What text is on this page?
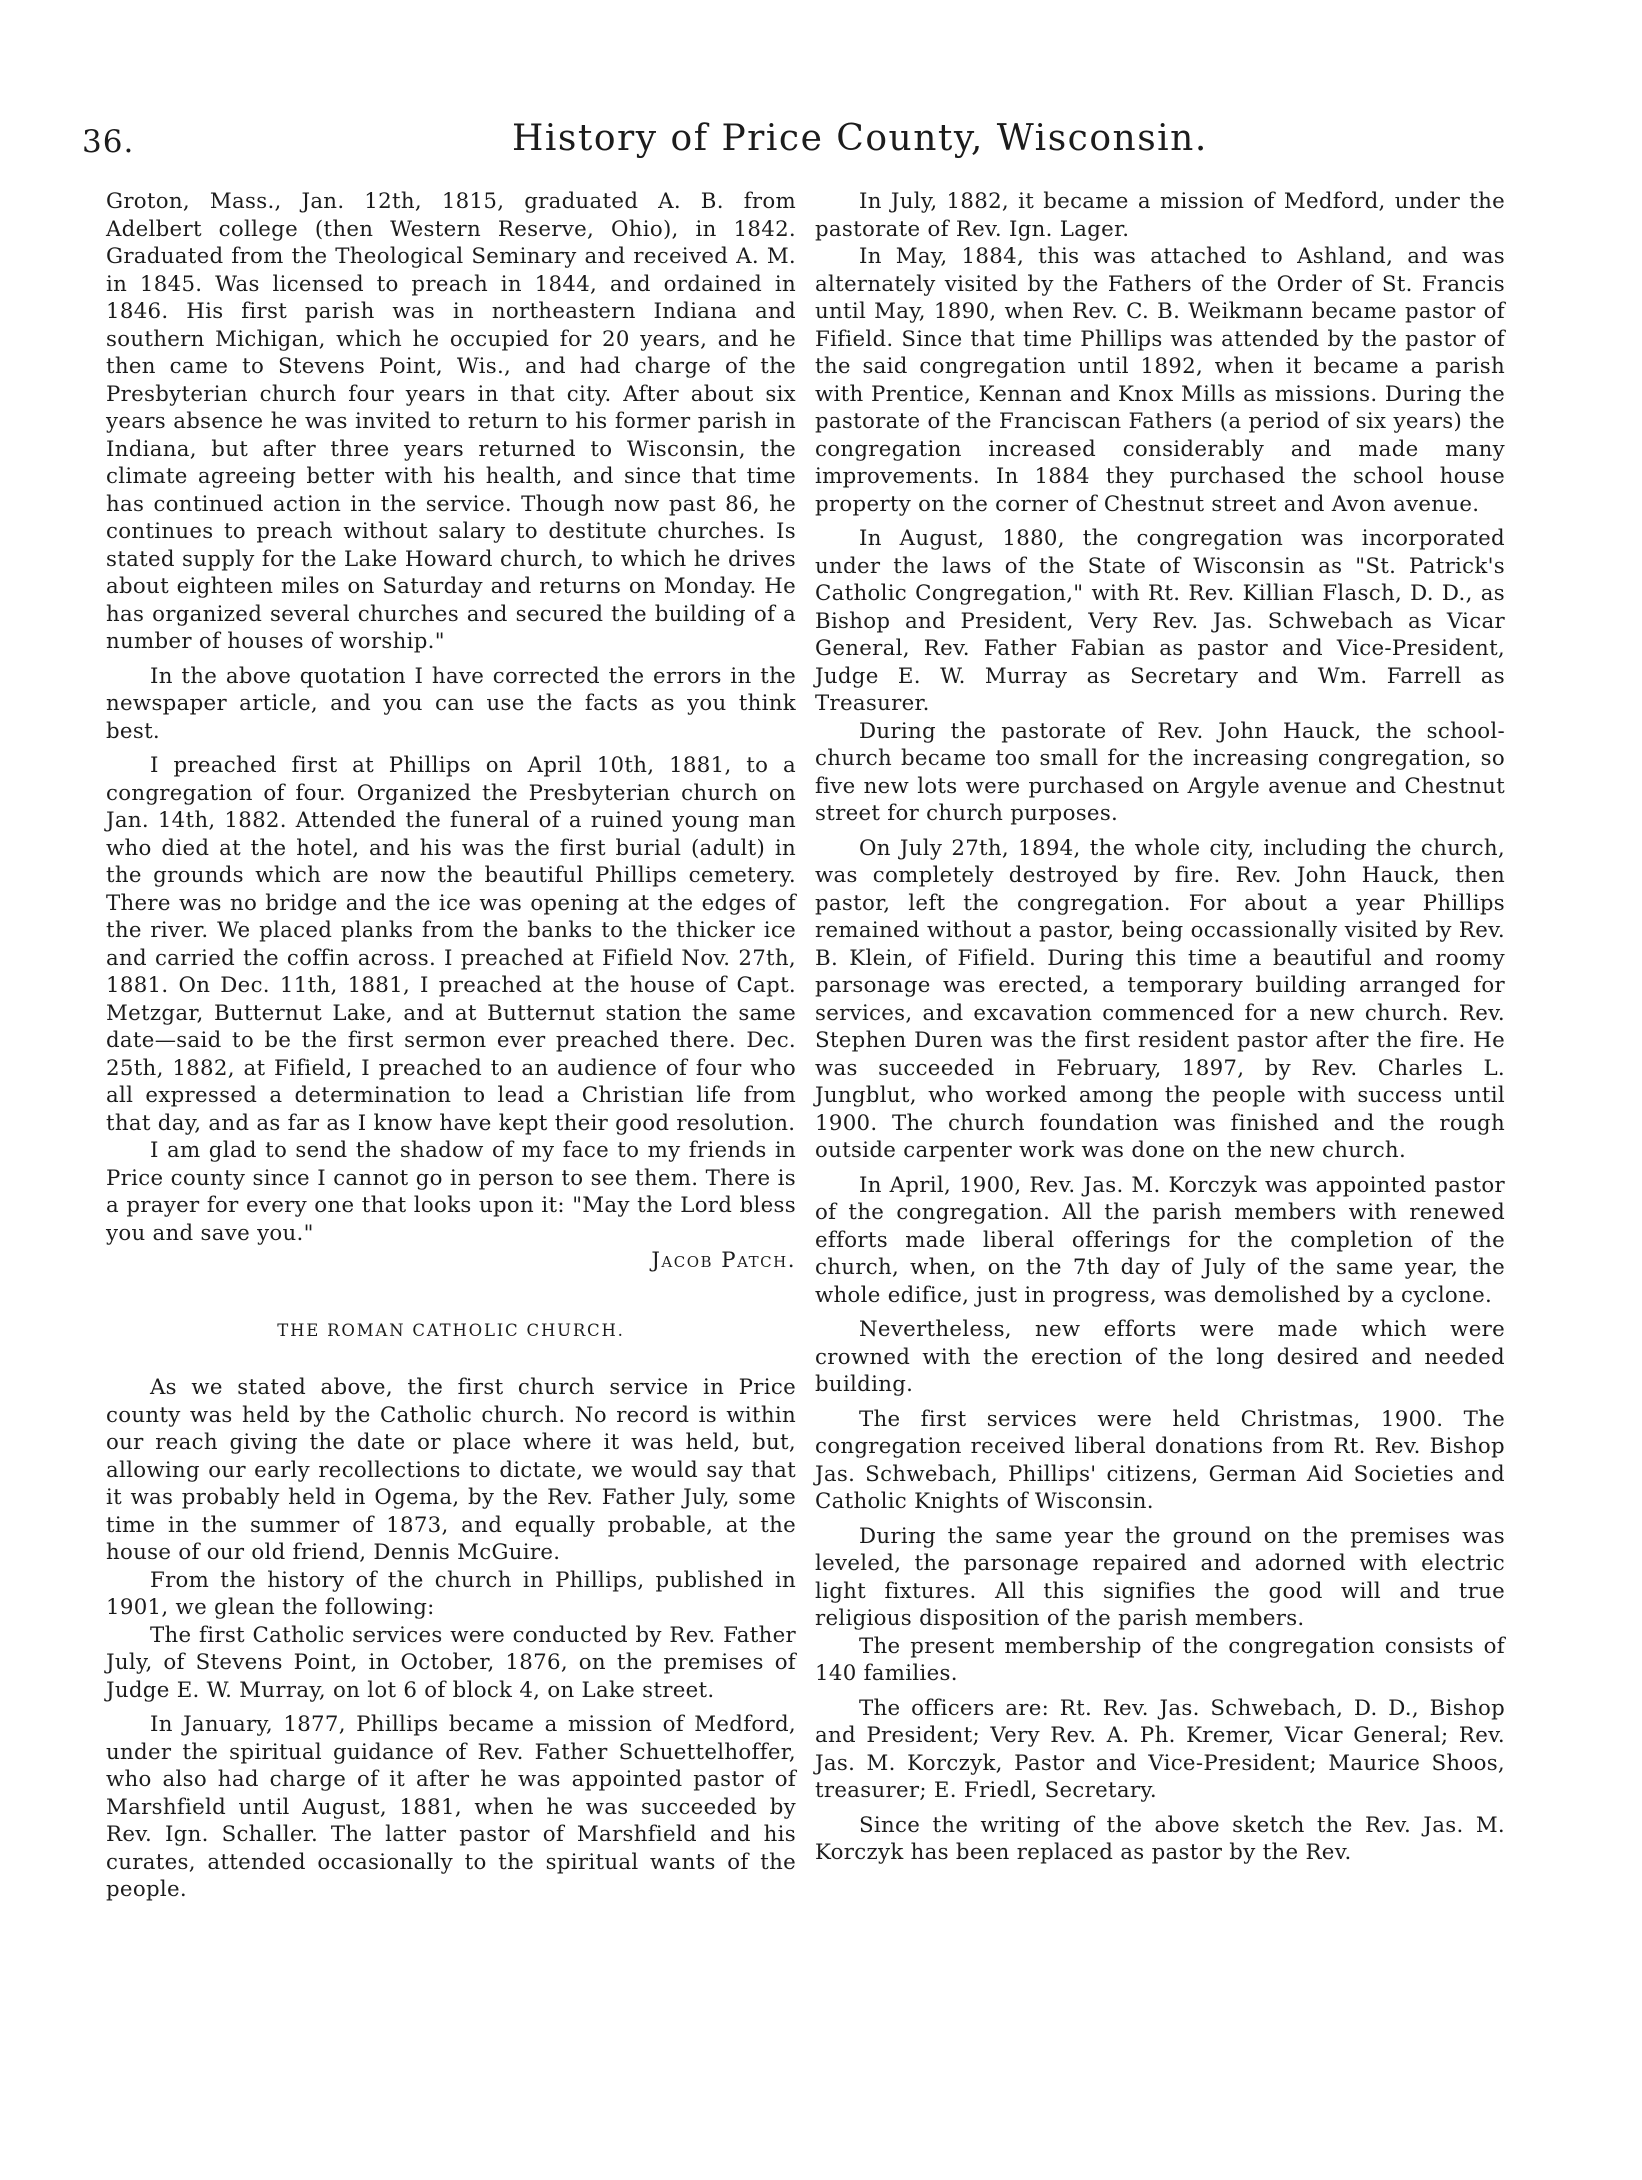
36.	History of Price County, Wisconsin.

Groton, Mass., Jan. 12th, 1815, graduated A. B. from Adelbert college (then Western Reserve, Ohio), in 1842. Graduated from the Theological Seminary and received A. M. in 1845. Was licensed to preach in 1844, and ordained in 1846. His first parish was in northeastern Indiana and southern Michigan, which he occupied for 20 years, and he then came to Stevens Point, Wis., and had charge of the Presbyterian church four years in that city. After about six years absence he was invited to return to his former parish in Indiana, but after three years returned to Wisconsin, the climate agreeing better with his health, and since that time has continued action in the service. Though now past 86, he continues to preach without salary to destitute churches. Is stated supply for the Lake Howard church, to which he drives about eighteen miles on Saturday and returns on Monday. He has organized several churches and secured the building of a number of houses of worship."

In the above quotation I have corrected the errors in the newspaper article, and you can use the facts as you think best.

I preached first at Phillips on April 10th, 1881, to a congregation of four. Organized the Presbyterian church on Jan. 14th, 1882. Attended the funeral of a ruined young man who died at the hotel, and his was the first burial (adult) in the grounds which are now the beautiful Phillips cemetery. There was no bridge and the ice was opening at the edges of the river. We placed planks from the banks to the thicker ice and carried the coffin across. I preached at Fifield Nov. 27th, 1881. On Dec. 11th, 1881, I preached at the house of Capt. Metzgar, Butternut Lake, and at Butternut station the same date—said to be the first sermon ever preached there. Dec. 25th, 1882, at Fifield, I preached to an audience of four who all expressed a determination to lead a Christian life from that day, and as far as I know have kept their good resolution.

I am glad to send the shadow of my face to my friends in Price county since I cannot go in person to see them. There is a prayer for every one that looks upon it: "May the Lord bless you and save you."

Jacob Patch.

THE ROMAN CATHOLIC CHURCH.

As we stated above, the first church service in Price county was held by the Catholic church. No record is within our reach giving the date or place where it was held, but, allowing our early recollections to dictate, we would say that it was probably held in Ogema, by the Rev. Father July, some time in the summer of 1873, and equally probable, at the house of our old friend, Dennis McGuire.

From the history of the church in Phillips, published in 1901, we glean the following:

The first Catholic services were conducted by Rev. Father July, of Stevens Point, in October, 1876, on the premises of Judge E. W. Murray, on lot 6 of block 4, on Lake street.

In January, 1877, Phillips became a mission of Medford, under the spiritual guidance of Rev. Father Schuettelhoffer, who also had charge of it after he was appointed pastor of Marshfield until August, 1881, when he was succeeded by Rev. Ign. Schaller. The latter pastor of Marshfield and his curates, attended occasionally to the spiritual wants of the people.

In July, 1882, it became a mission of Medford, under the pastorate of Rev. Ign. Lager.

In May, 1884, this was attached to Ashland, and was alternately visited by the Fathers of the Order of St. Francis until May, 1890, when Rev. C. B. Weikmann became pastor of Fifield. Since that time Phillips was attended by the pastor of the said congregation until 1892, when it became a parish with Prentice, Kennan and Knox Mills as missions. During the pastorate of the Franciscan Fathers (a period of six years) the congregation increased considerably and made many improvements. In 1884 they purchased the school house property on the corner of Chestnut street and Avon avenue.

In August, 1880, the congregation was incorporated under the laws of the State of Wisconsin as "St. Patrick's Catholic Congregation," with Rt. Rev. Killian Flasch, D. D., as Bishop and President, Very Rev. Jas. Schwebach as Vicar General, Rev. Father Fabian as pastor and Vice-President, Judge E. W. Murray as Secretary and Wm. Farrell as Treasurer.

During the pastorate of Rev. John Hauck, the school-church became too small for the increasing congregation, so five new lots were purchased on Argyle avenue and Chestnut street for church purposes.

On July 27th, 1894, the whole city, including the church, was completely destroyed by fire. Rev. John Hauck, then pastor, left the congregation. For about a year Phillips remained without a pastor, being occassionally visited by Rev. B. Klein, of Fifield. During this time a beautiful and roomy parsonage was erected, a temporary building arranged for services, and excavation commenced for a new church. Rev. Stephen Duren was the first resident pastor after the fire. He was succeeded in February, 1897, by Rev. Charles L. Jungblut, who worked among the people with success until 1900. The church foundation was finished and the rough outside carpenter work was done on the new church.

In April, 1900, Rev. Jas. M. Korczyk was appointed pastor of the congregation. All the parish members with renewed efforts made liberal offerings for the completion of the church, when, on the 7th day of July of the same year, the whole edifice, just in progress, was demolished by a cyclone.

Nevertheless, new efforts were made which were crowned with the erection of the long desired and needed building.

The first services were held Christmas, 1900. The congregation received liberal donations from Rt. Rev. Bishop Jas. Schwebach, Phillips' citizens, German Aid Societies and Catholic Knights of Wisconsin.

During the same year the ground on the premises was leveled, the parsonage repaired and adorned with electric light fixtures. All this signifies the good will and true religious disposition of the parish members.

The present membership of the congregation consists of 140 families.

The officers are: Rt. Rev. Jas. Schwebach, D. D., Bishop and President; Very Rev. A. Ph. Kremer, Vicar General; Rev. Jas. M. Korczyk, Pastor and Vice-President; Maurice Shoos, treasurer; E. Friedl, Secretary.

Since the writing of the above sketch the Rev. Jas. M. Korczyk has been replaced as pastor by the Rev.
